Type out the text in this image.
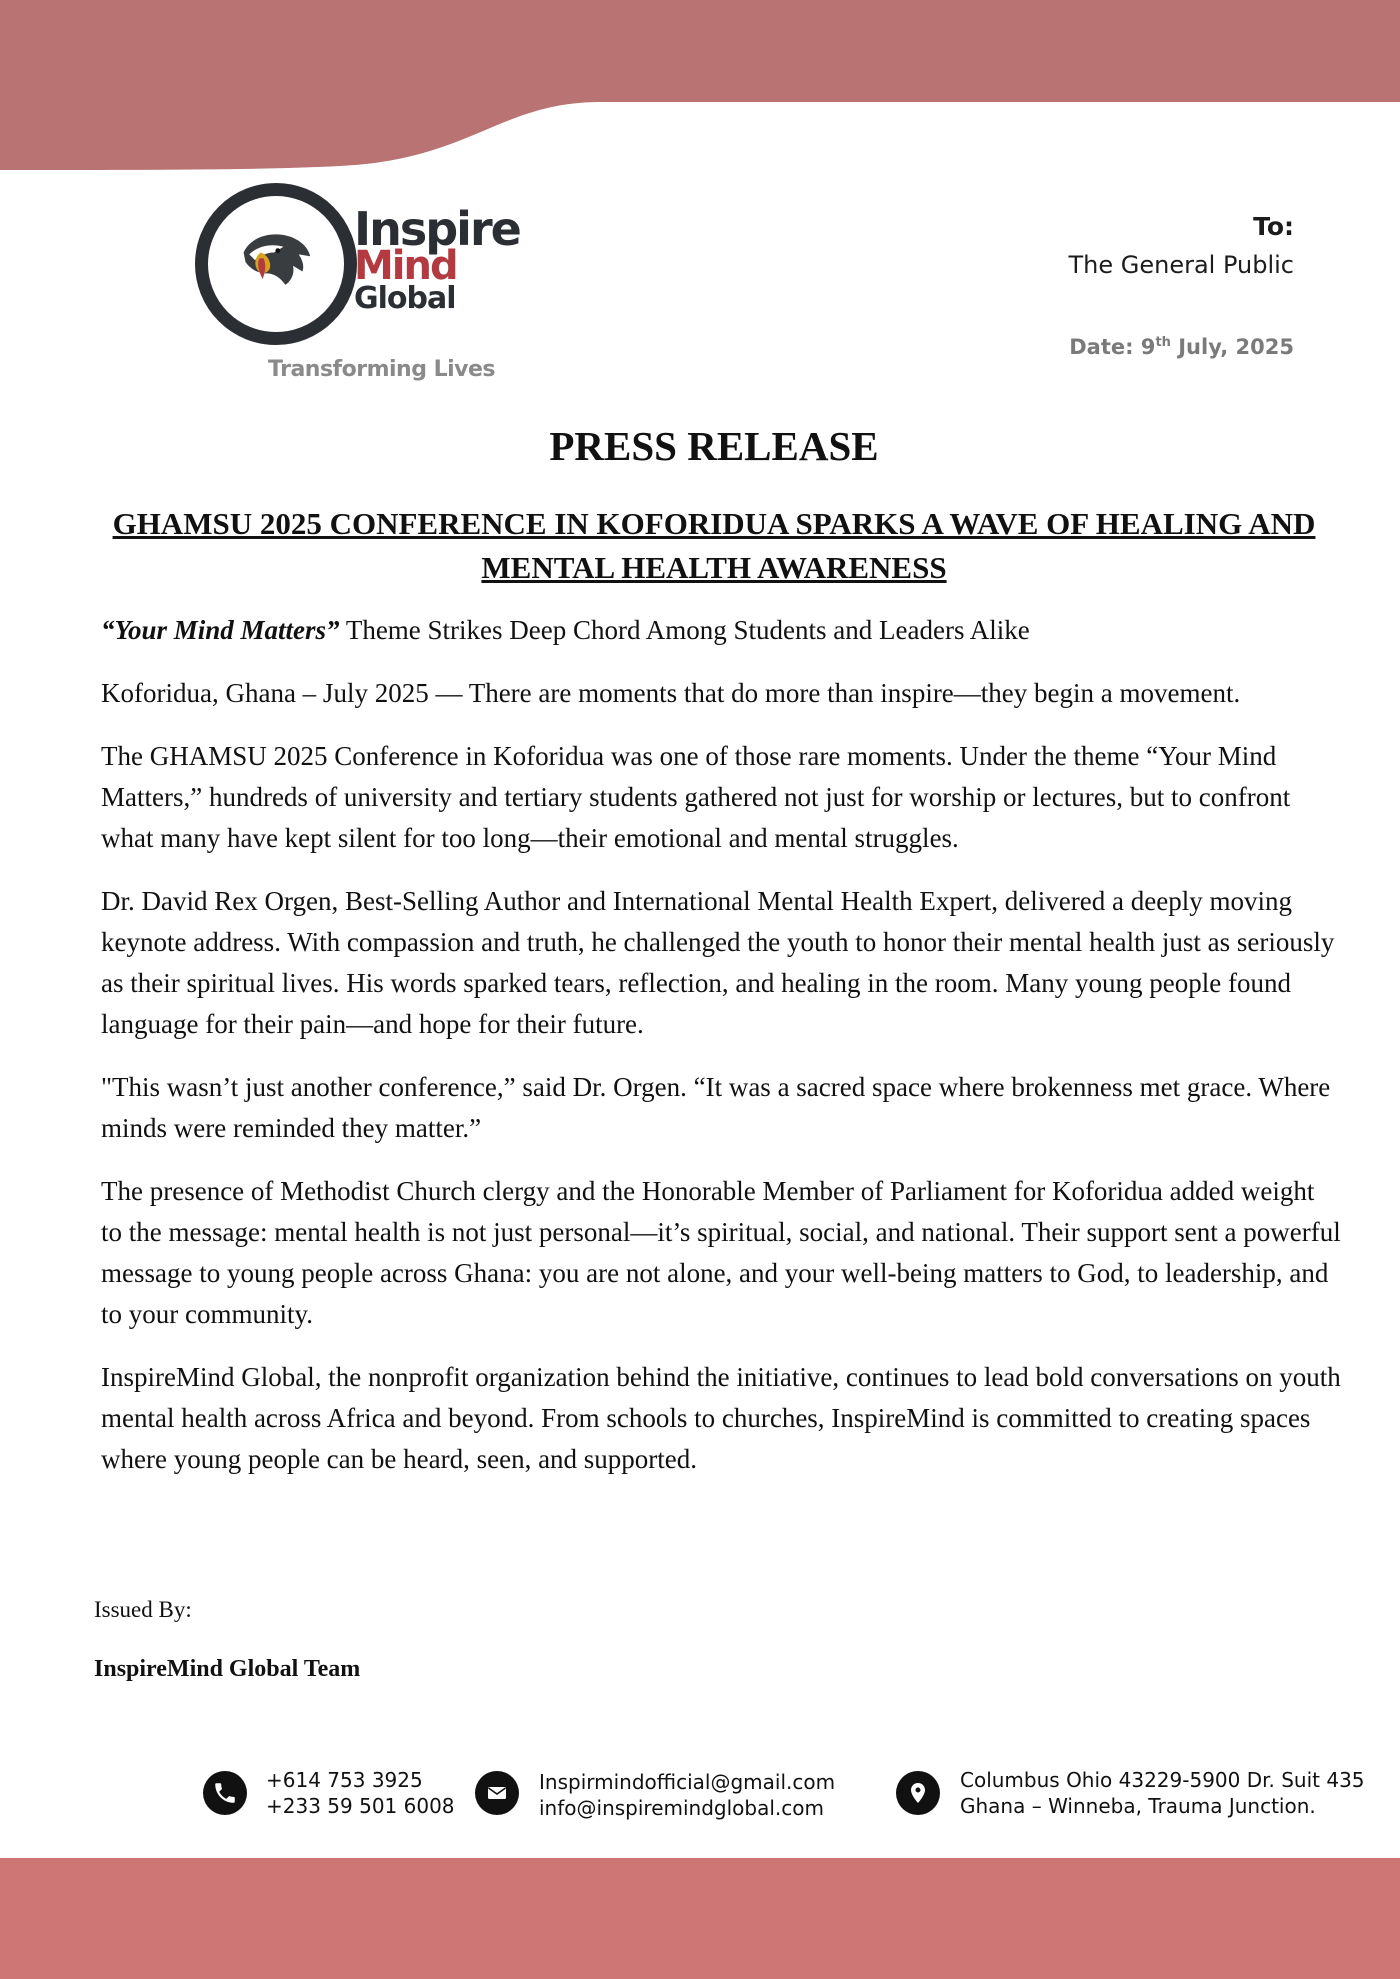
Inspire
Mind
Global
Transforming Lives
To:
The General Public
Date: 9th July, 2025
PRESS RELEASE
GHAMSU 2025 CONFERENCE IN KOFORIDUA SPARKS A WAVE OF HEALING AND MENTAL HEALTH AWARENESS

“Your Mind Matters” Theme Strikes Deep Chord Among Students and Leaders Alike

Koforidua, Ghana – July 2025 — There are moments that do more than inspire—they begin a movement.

The GHAMSU 2025 Conference in Koforidua was one of those rare moments. Under the theme “Your Mind Matters,” hundreds of university and tertiary students gathered not just for worship or lectures, but to confront what many have kept silent for too long—their emotional and mental struggles.

Dr. David Rex Orgen, Best-Selling Author and International Mental Health Expert, delivered a deeply moving keynote address. With compassion and truth, he challenged the youth to honor their mental health just as seriously as their spiritual lives. His words sparked tears, reflection, and healing in the room. Many young people found language for their pain—and hope for their future.

"This wasn’t just another conference,” said Dr. Orgen. “It was a sacred space where brokenness met grace. Where minds were reminded they matter.”

The presence of Methodist Church clergy and the Honorable Member of Parliament for Koforidua added weight to the message: mental health is not just personal—it’s spiritual, social, and national. Their support sent a powerful message to young people across Ghana: you are not alone, and your well-being matters to God, to leadership, and to your community.

InspireMind Global, the nonprofit organization behind the initiative, continues to lead bold conversations on youth mental health across Africa and beyond. From schools to churches, InspireMind is committed to creating spaces where young people can be heard, seen, and supported.

Issued By:
InspireMind Global Team
+614 753 3925
+233 59 501 6008
Inspirmindofficial@gmail.com
info@inspiremindglobal.com
Columbus Ohio 43229-5900 Dr. Suit 435
Ghana – Winneba, Trauma Junction.
